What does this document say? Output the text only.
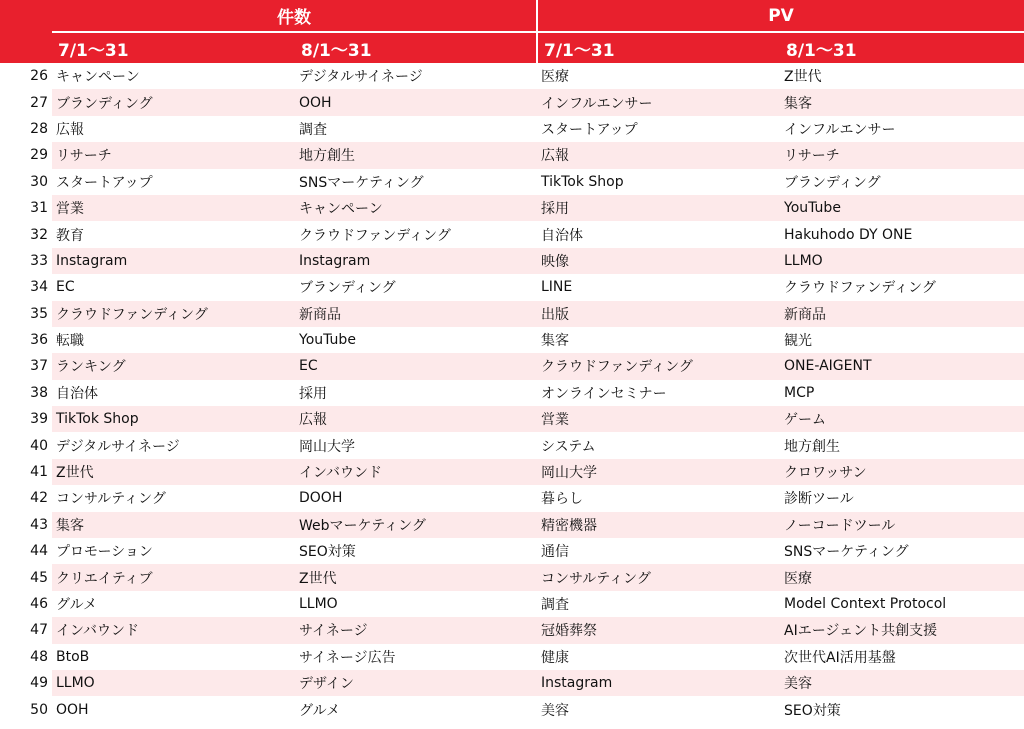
	件数		PV	
	7/1〜31	8/1〜31	7/1〜31	8/1〜31
26	キャンペーン	デジタルサイネージ	医療	Z世代
27	ブランディング	OOH	インフルエンサー	集客
28	広報	調査	スタートアップ	インフルエンサー
29	リサーチ	地方創生	広報	リサーチ
30	スタートアップ	SNSマーケティング	TikTok Shop	ブランディング
31	営業	キャンペーン	採用	YouTube
32	教育	クラウドファンディング	自治体	Hakuhodo DY ONE
33	Instagram	Instagram	映像	LLMO
34	EC	ブランディング	LINE	クラウドファンディング
35	クラウドファンディング	新商品	出版	新商品
36	転職	YouTube	集客	観光
37	ランキング	EC	クラウドファンディング	ONE-AIGENT
38	自治体	採用	オンラインセミナー	MCP
39	TikTok Shop	広報	営業	ゲーム
40	デジタルサイネージ	岡山大学	システム	地方創生
41	Z世代	インバウンド	岡山大学	クロワッサン
42	コンサルティング	DOOH	暮らし	診断ツール
43	集客	Webマーケティング	精密機器	ノーコードツール
44	プロモーション	SEO対策	通信	SNSマーケティング
45	クリエイティブ	Z世代	コンサルティング	医療
46	グルメ	LLMO	調査	Model Context Protocol
47	インバウンド	サイネージ	冠婚葬祭	AIエージェント共創支援
48	BtoB	サイネージ広告	健康	次世代AI活用基盤
49	LLMO	デザイン	Instagram	美容
50	OOH	グルメ	美容	SEO対策
